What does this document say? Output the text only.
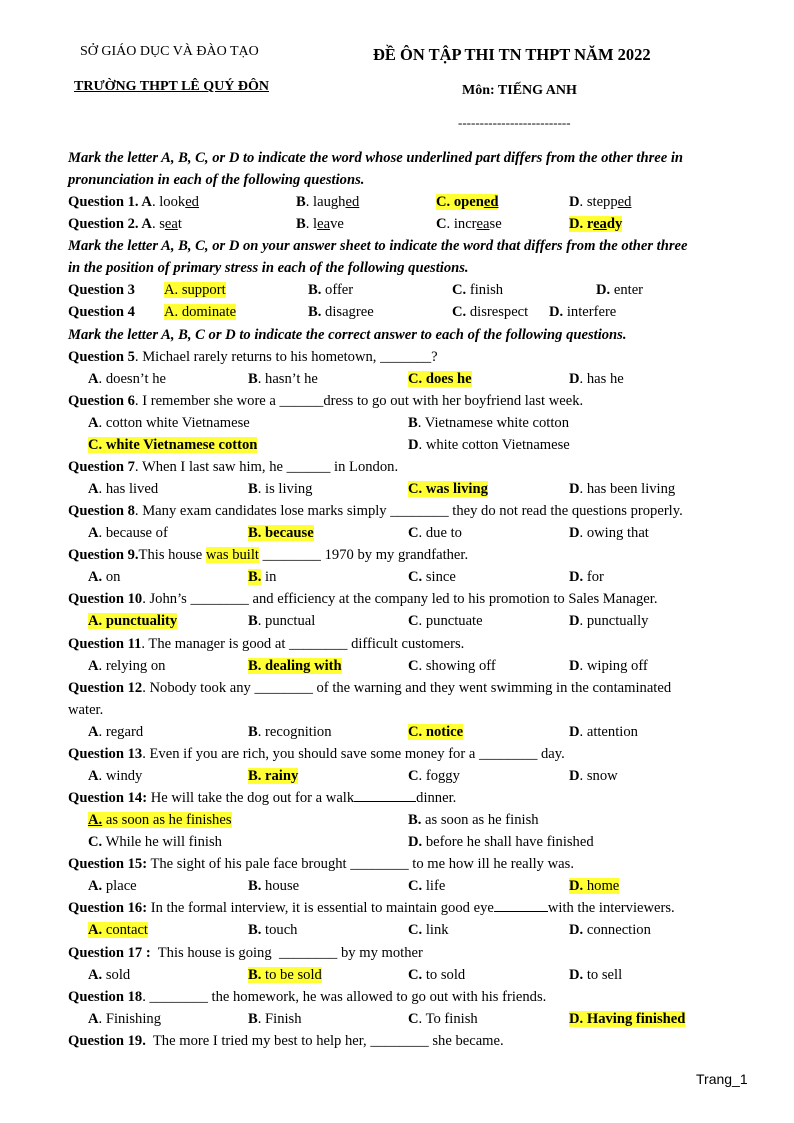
SỞ GIÁO DỤC VÀ ĐÀO TẠO
TRƯỜNG THPT LÊ QUÝ ĐÔN
ĐỀ ÔN TẬP THI TN THPT NĂM 2022
Môn: TIẾNG ANH
--------------------------
Mark the letter A, B, C, or D to indicate the word whose underlined part differs from the other three in
pronunciation in each of the following questions.
Question 1. A. looked	B. laughed	C. opened	D. stepped
Question 2. A. seat	B. leave	C. increase	D. ready
Mark the letter A, B, C, or D on your answer sheet to indicate the word that differs from the other three
in the position of primary stress in each of the following questions.
Question 3 A. support	B. offer	C. finish	D. enter
Question 4 A. dominate	B. disagree	C. disrespect D. interfere
Mark the letter A, B, C or D to indicate the correct answer to each of the following questions.
Question 5. Michael rarely returns to his hometown, _______?
A. doesn’t he	B. hasn’t he	C. does he	D. has he
Question 6. I remember she wore a ______dress to go out with her boyfriend last week.
A. cotton white Vietnamese	B. Vietnamese white cotton
C. white Vietnamese cotton	D. white cotton Vietnamese
Question 7. When I last saw him, he ______ in London.
A. has lived	B. is living	C. was living	D. has been living
Question 8. Many exam candidates lose marks simply ________ they do not read the questions properly.
A. because of	B. because	C. due to	D. owing that
Question 9.This house was built ________ 1970 by my grandfather.
A. on	B. in	C. since	D. for
Question 10. John’s ________ and efficiency at the company led to his promotion to Sales Manager.
A. punctuality	B. punctual	C. punctuate	D. punctually
Question 11. The manager is good at ________ difficult customers.
A. relying on	B. dealing with	C. showing off	D. wiping off
Question 12. Nobody took any ________ of the warning and they went swimming in the contaminated
water.
A. regard	B. recognition	C. notice	D. attention
Question 13. Even if you are rich, you should save some money for a ________ day.
A. windy	B. rainy	C. foggy	D. snow
Question 14: He will take the dog out for a walk	dinner.
A. as soon as he finishes	B. as soon as he finish
C. While he will finish	D. before he shall have finished
Question 15: The sight of his pale face brought ________ to me how ill he really was.
A. place	B. house	C. life	D. home
Question 16: In the formal interview, it is essential to maintain good eye	with the interviewers.
A. contact	B. touch	C. link	D. connection
Question 17 :  This house is going  ________ by my mother
A. sold	B. to be sold	C. to sold	D. to sell
Question 18. ________ the homework, he was allowed to go out with his friends.
A. Finishing	B. Finish	C. To finish	D. Having finished
Question 19.  The more I tried my best to help her, ________ she became.
Trang_1
